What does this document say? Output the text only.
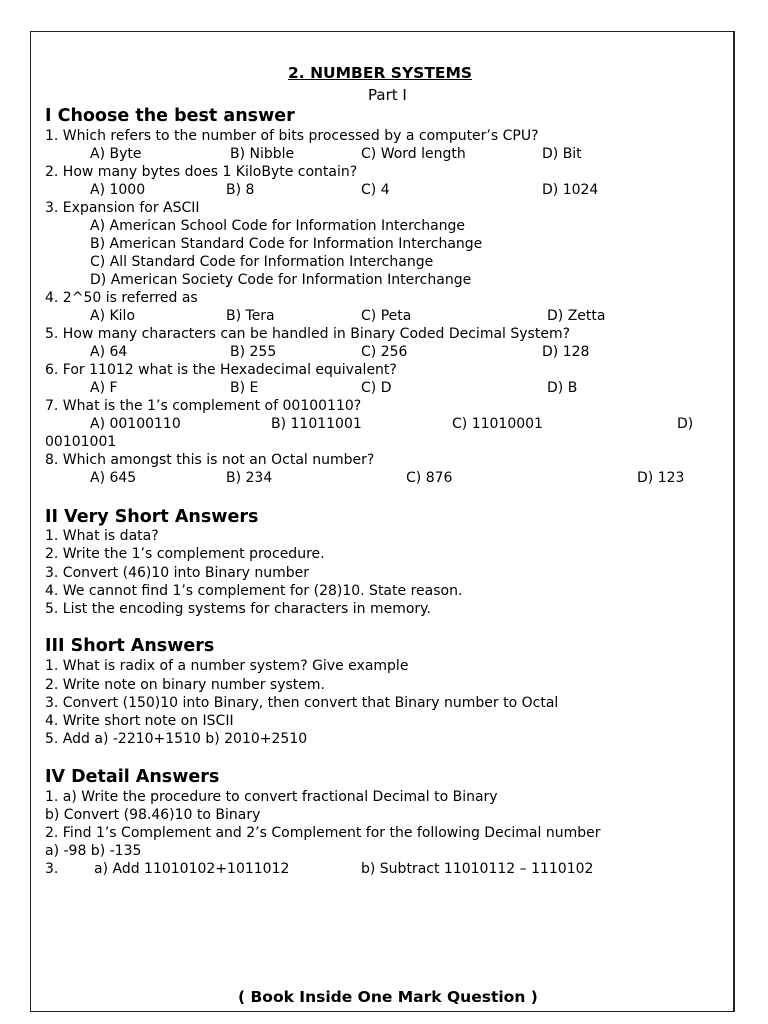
2. NUMBER SYSTEMS
Part I
I Choose the best answer
1. Which refers to the number of bits processed by a computer’s CPU?
A) Byte	B) Nibble	C) Word length	D) Bit
2. How many bytes does 1 KiloByte contain?
A) 1000	B) 8	C) 4	D) 1024
3. Expansion for ASCII
A) American School Code for Information Interchange
B) American Standard Code for Information Interchange
C) All Standard Code for Information Interchange
D) American Society Code for Information Interchange
4. 2^50 is referred as
A) Kilo	B) Tera	C) Peta	D) Zetta
5. How many characters can be handled in Binary Coded Decimal System?
A) 64	B) 255	C) 256	D) 128
6. For 11012 what is the Hexadecimal equivalent?
A) F	B) E	C) D	D) B
7. What is the 1’s complement of 00100110?
A) 00100110	B) 11011001	C) 11010001	D)
00101001
8. Which amongst this is not an Octal number?
A) 645	B) 234	C) 876	D) 123
II Very Short Answers
1. What is data?
2. Write the 1’s complement procedure.
3. Convert (46)10 into Binary number
4. We cannot find 1’s complement for (28)10. State reason.
5. List the encoding systems for characters in memory.
III Short Answers
1. What is radix of a number system? Give example
2. Write note on binary number system.
3. Convert (150)10 into Binary, then convert that Binary number to Octal
4. Write short note on ISCII
5. Add a) -2210+1510 b) 2010+2510
IV Detail Answers
1. a) Write the procedure to convert fractional Decimal to Binary
b) Convert (98.46)10 to Binary
2. Find 1’s Complement and 2’s Complement for the following Decimal number
a) -98 b) -135
3.	a) Add 11010102+1011012	b) Subtract 11010112 – 1110102
( Book Inside One Mark Question )
